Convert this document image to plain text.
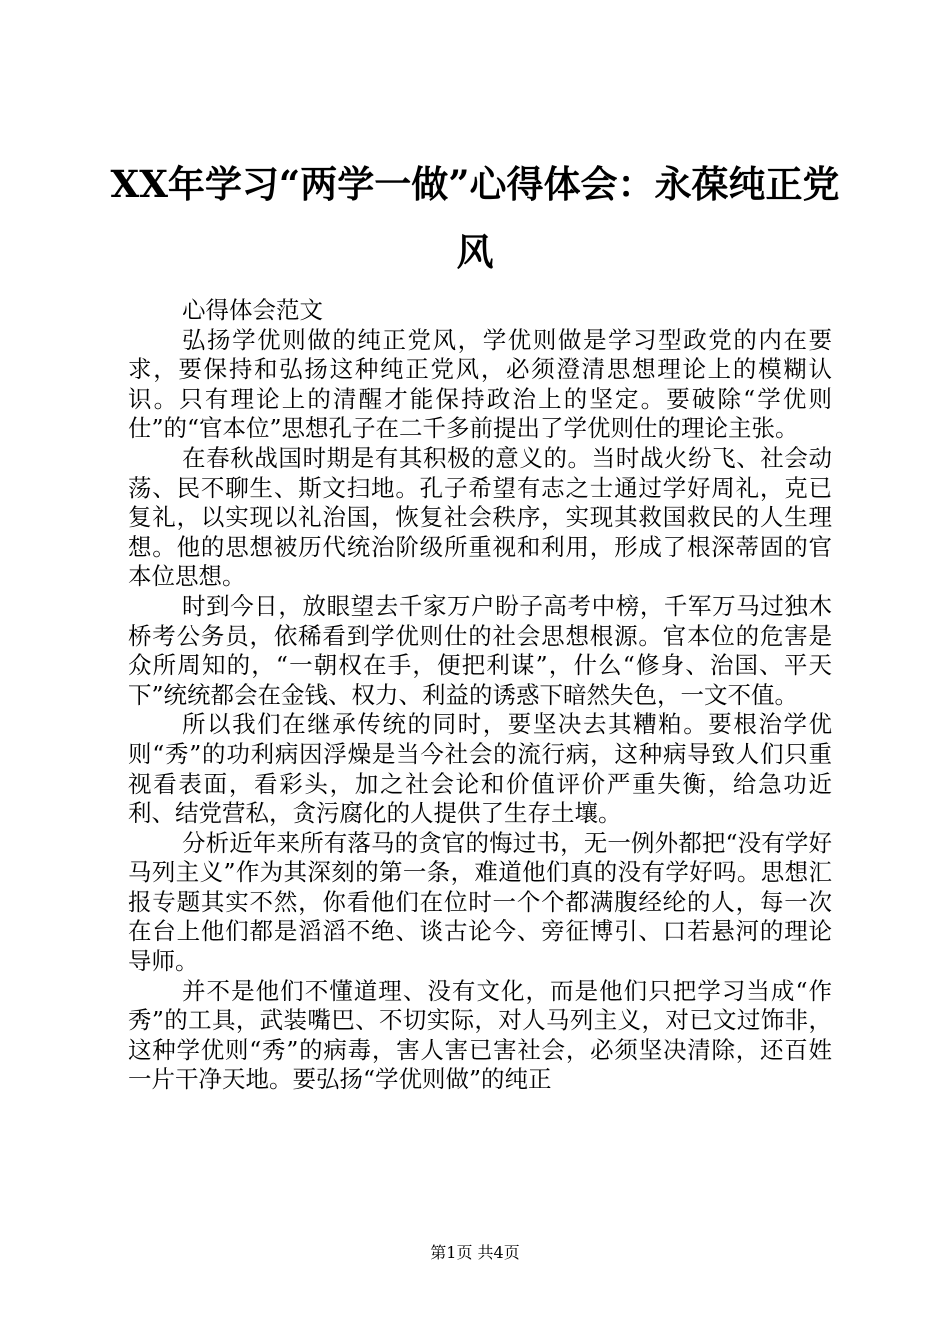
XX年学习“两学一做”心得体会：永葆纯正党风

心得体会范文

弘扬学优则做的纯正党风，学优则做是学习型政党的内在要求，要保持和弘扬这种纯正党风，必须澄清思想理论上的模糊认识。只有理论上的清醒才能保持政治上的坚定。要破除“学优则仕”的“官本位”思想孔子在二千多前提出了学优则仕的理论主张。

在春秋战国时期是有其积极的意义的。当时战火纷飞、社会动荡、民不聊生、斯文扫地。孔子希望有志之士通过学好周礼，克已复礼，以实现以礼治国，恢复社会秩序，实现其救国救民的人生理想。他的思想被历代统治阶级所重视和利用，形成了根深蒂固的官本位思想。

时到今日，放眼望去千家万户盼子高考中榜，千军万马过独木桥考公务员，依稀看到学优则仕的社会思想根源。官本位的危害是众所周知的，“一朝权在手，便把利谋”，什么“修身、治国、平天下”统统都会在金钱、权力、利益的诱惑下暗然失色，一文不值。

所以我们在继承传统的同时，要坚决去其糟粕。要根治学优则“秀”的功利病因浮燥是当今社会的流行病，这种病导致人们只重视看表面，看彩头，加之社会论和价值评价严重失衡，给急功近利、结党营私，贪污腐化的人提供了生存土壤。

分析近年来所有落马的贪官的悔过书，无一例外都把“没有学好马列主义”作为其深刻的第一条，难道他们真的没有学好吗。思想汇报专题其实不然，你看他们在位时一个个都满腹经纶的人，每一次在台上他们都是滔滔不绝、谈古论今、旁征博引、口若悬河的理论导师。

并不是他们不懂道理、没有文化，而是他们只把学习当成“作秀”的工具，武装嘴巴、不切实际，对人马列主义，对已文过饰非，这种学优则“秀”的病毒，害人害已害社会，必须坚决清除，还百姓一片干净天地。要弘扬“学优则做”的纯正

第1页 共4页
